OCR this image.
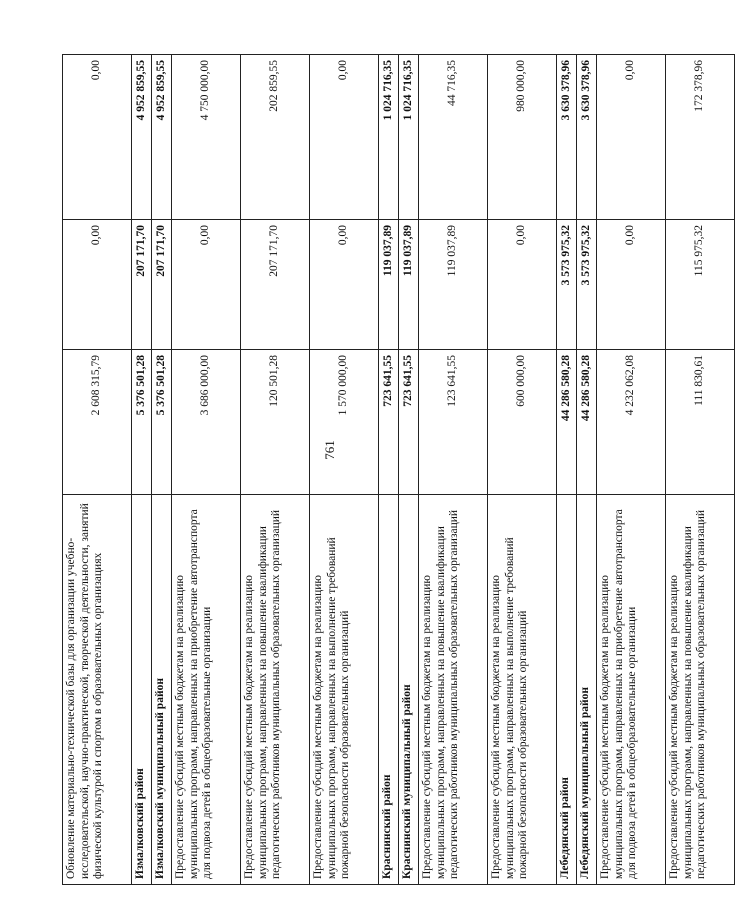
761
Обновление материально-технической базы для организации учебно-исследовательской, научно-практической, творческой деятельности, занятий физической культурой и спортом в образовательных организациях	2 608 315,79	0,00	0,00

Измалковский район	5 376 501,28	207 171,70	4 952 859,55

Измалковский муниципальный район	5 376 501,28	207 171,70	4 952 859,55

Предоставление субсидий местным бюджетам на реализацию муниципальных программ, направленных на приобретение автотранспорта для подвоза детей в общеобразовательные организации	3 686 000,00	0,00	4 750 000,00

Предоставление субсидий местным бюджетам на реализацию муниципальных программ, направленных на повышение квалификации педагогических работников муниципальных образовательных организаций	120 501,28	207 171,70	202 859,55

Предоставление субсидий местным бюджетам на реализацию муниципальных программ, направленных на выполнение требований пожарной безопасности образовательных организаций	1 570 000,00	0,00	0,00

Краснинский район	723 641,55	119 037,89	1 024 716,35

Краснинский муниципальный район	723 641,55	119 037,89	1 024 716,35

Предоставление субсидий местным бюджетам на реализацию муниципальных программ, направленных на повышение квалификации педагогических работников муниципальных образовательных организаций	123 641,55	119 037,89	44 716,35

Предоставление субсидий местным бюджетам на реализацию муниципальных программ, направленных на выполнение требований пожарной безопасности образовательных организаций	600 000,00	0,00	980 000,00

Лебедянский район	44 286 580,28	3 573 975,32	3 630 378,96

Лебедянский муниципальный район	44 286 580,28	3 573 975,32	3 630 378,96

Предоставление субсидий местным бюджетам на реализацию муниципальных программ, направленных на приобретение автотранспорта для подвоза детей в общеобразовательные организации	4 232 062,08	0,00	0,00

Предоставление субсидий местным бюджетам на реализацию муниципальных программ, направленных на повышение квалификации педагогических работников муниципальных образовательных организаций	111 830,61	115 975,32	172 378,96
